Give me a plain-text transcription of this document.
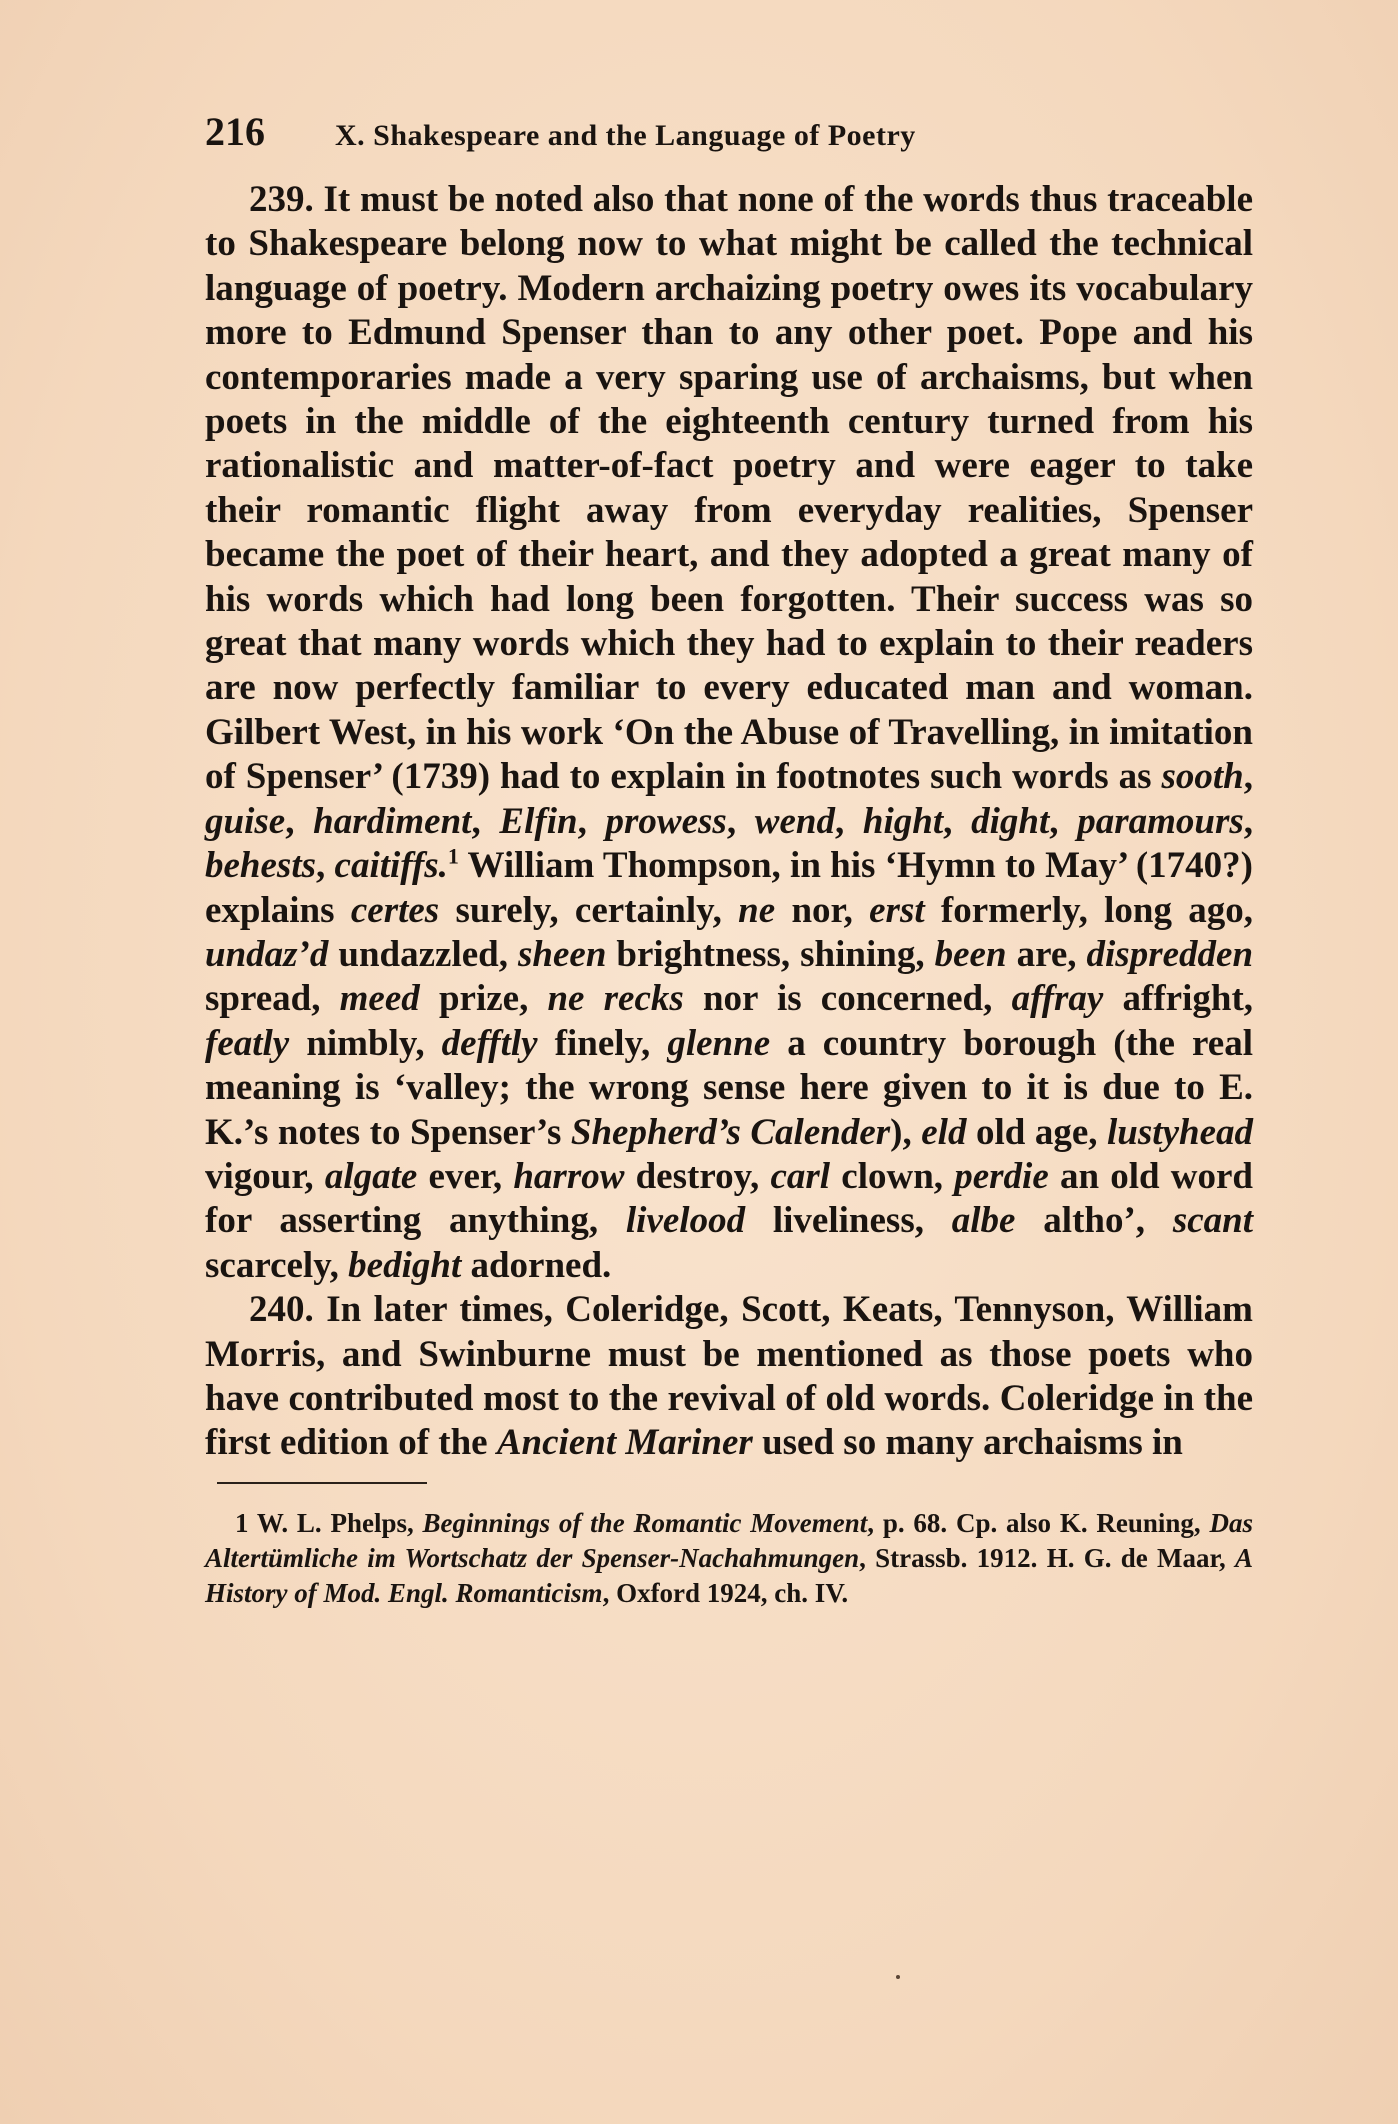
216	X. Shakespeare and the Language of Poetry

239. It must be noted also that none of the words thus traceable to Shakespeare belong now to what might be called the technical language of poetry. Modern archaizing poetry owes its vocabulary more to Edmund Spenser than to any other poet. Pope and his contemporaries made a very sparing use of archaisms, but when poets in the middle of the eighteenth century turned from his rationalistic and matter-of-fact poetry and were eager to take their romantic flight away from everyday realities, Spenser became the poet of their heart, and they adopted a great many of his words which had long been forgotten. Their success was so great that many words which they had to explain to their readers are now perfectly familiar to every educated man and woman. Gilbert West, in his work ‘On the Abuse of Travelling, in imitation of Spenser’ (1739) had to explain in footnotes such words as sooth, guise, hardiment, Elfin, prowess, wend, hight, dight, paramours, behests, caitiffs.$^1$ William Thompson, in his ‘Hymn to May’ (1740?) explains certes surely, certainly, ne nor, erst formerly, long ago, undaz’d undazzled, sheen brightness, shining, been are, dispredden spread, meed prize, ne recks nor is concerned, affray affright, featly nimbly, defftly finely, glenne a country borough (the real meaning is ‘valley; the wrong sense here given to it is due to E. K.’s notes to Spenser’s Shepherd’s Calender), eld old age, lustyhead vigour, algate ever, harrow destroy, carl clown, perdie an old word for asserting anything, livelood liveliness, albe altho’, scant scarcely, bedight adorned.

240. In later times, Coleridge, Scott, Keats, Tennyson, William Morris, and Swinburne must be mentioned as those poets who have contributed most to the revival of old words. Coleridge in the first edition of the Ancient Mariner used so many archaisms in

1 W. L. Phelps, Beginnings of the Romantic Movement, p. 68. Cp. also K. Reuning, Das Altertümliche im Wortschatz der Spenser-Nachahmungen, Strassb. 1912. H. G. de Maar, A History of Mod. Engl. Romanticism, Oxford 1924, ch. IV.
